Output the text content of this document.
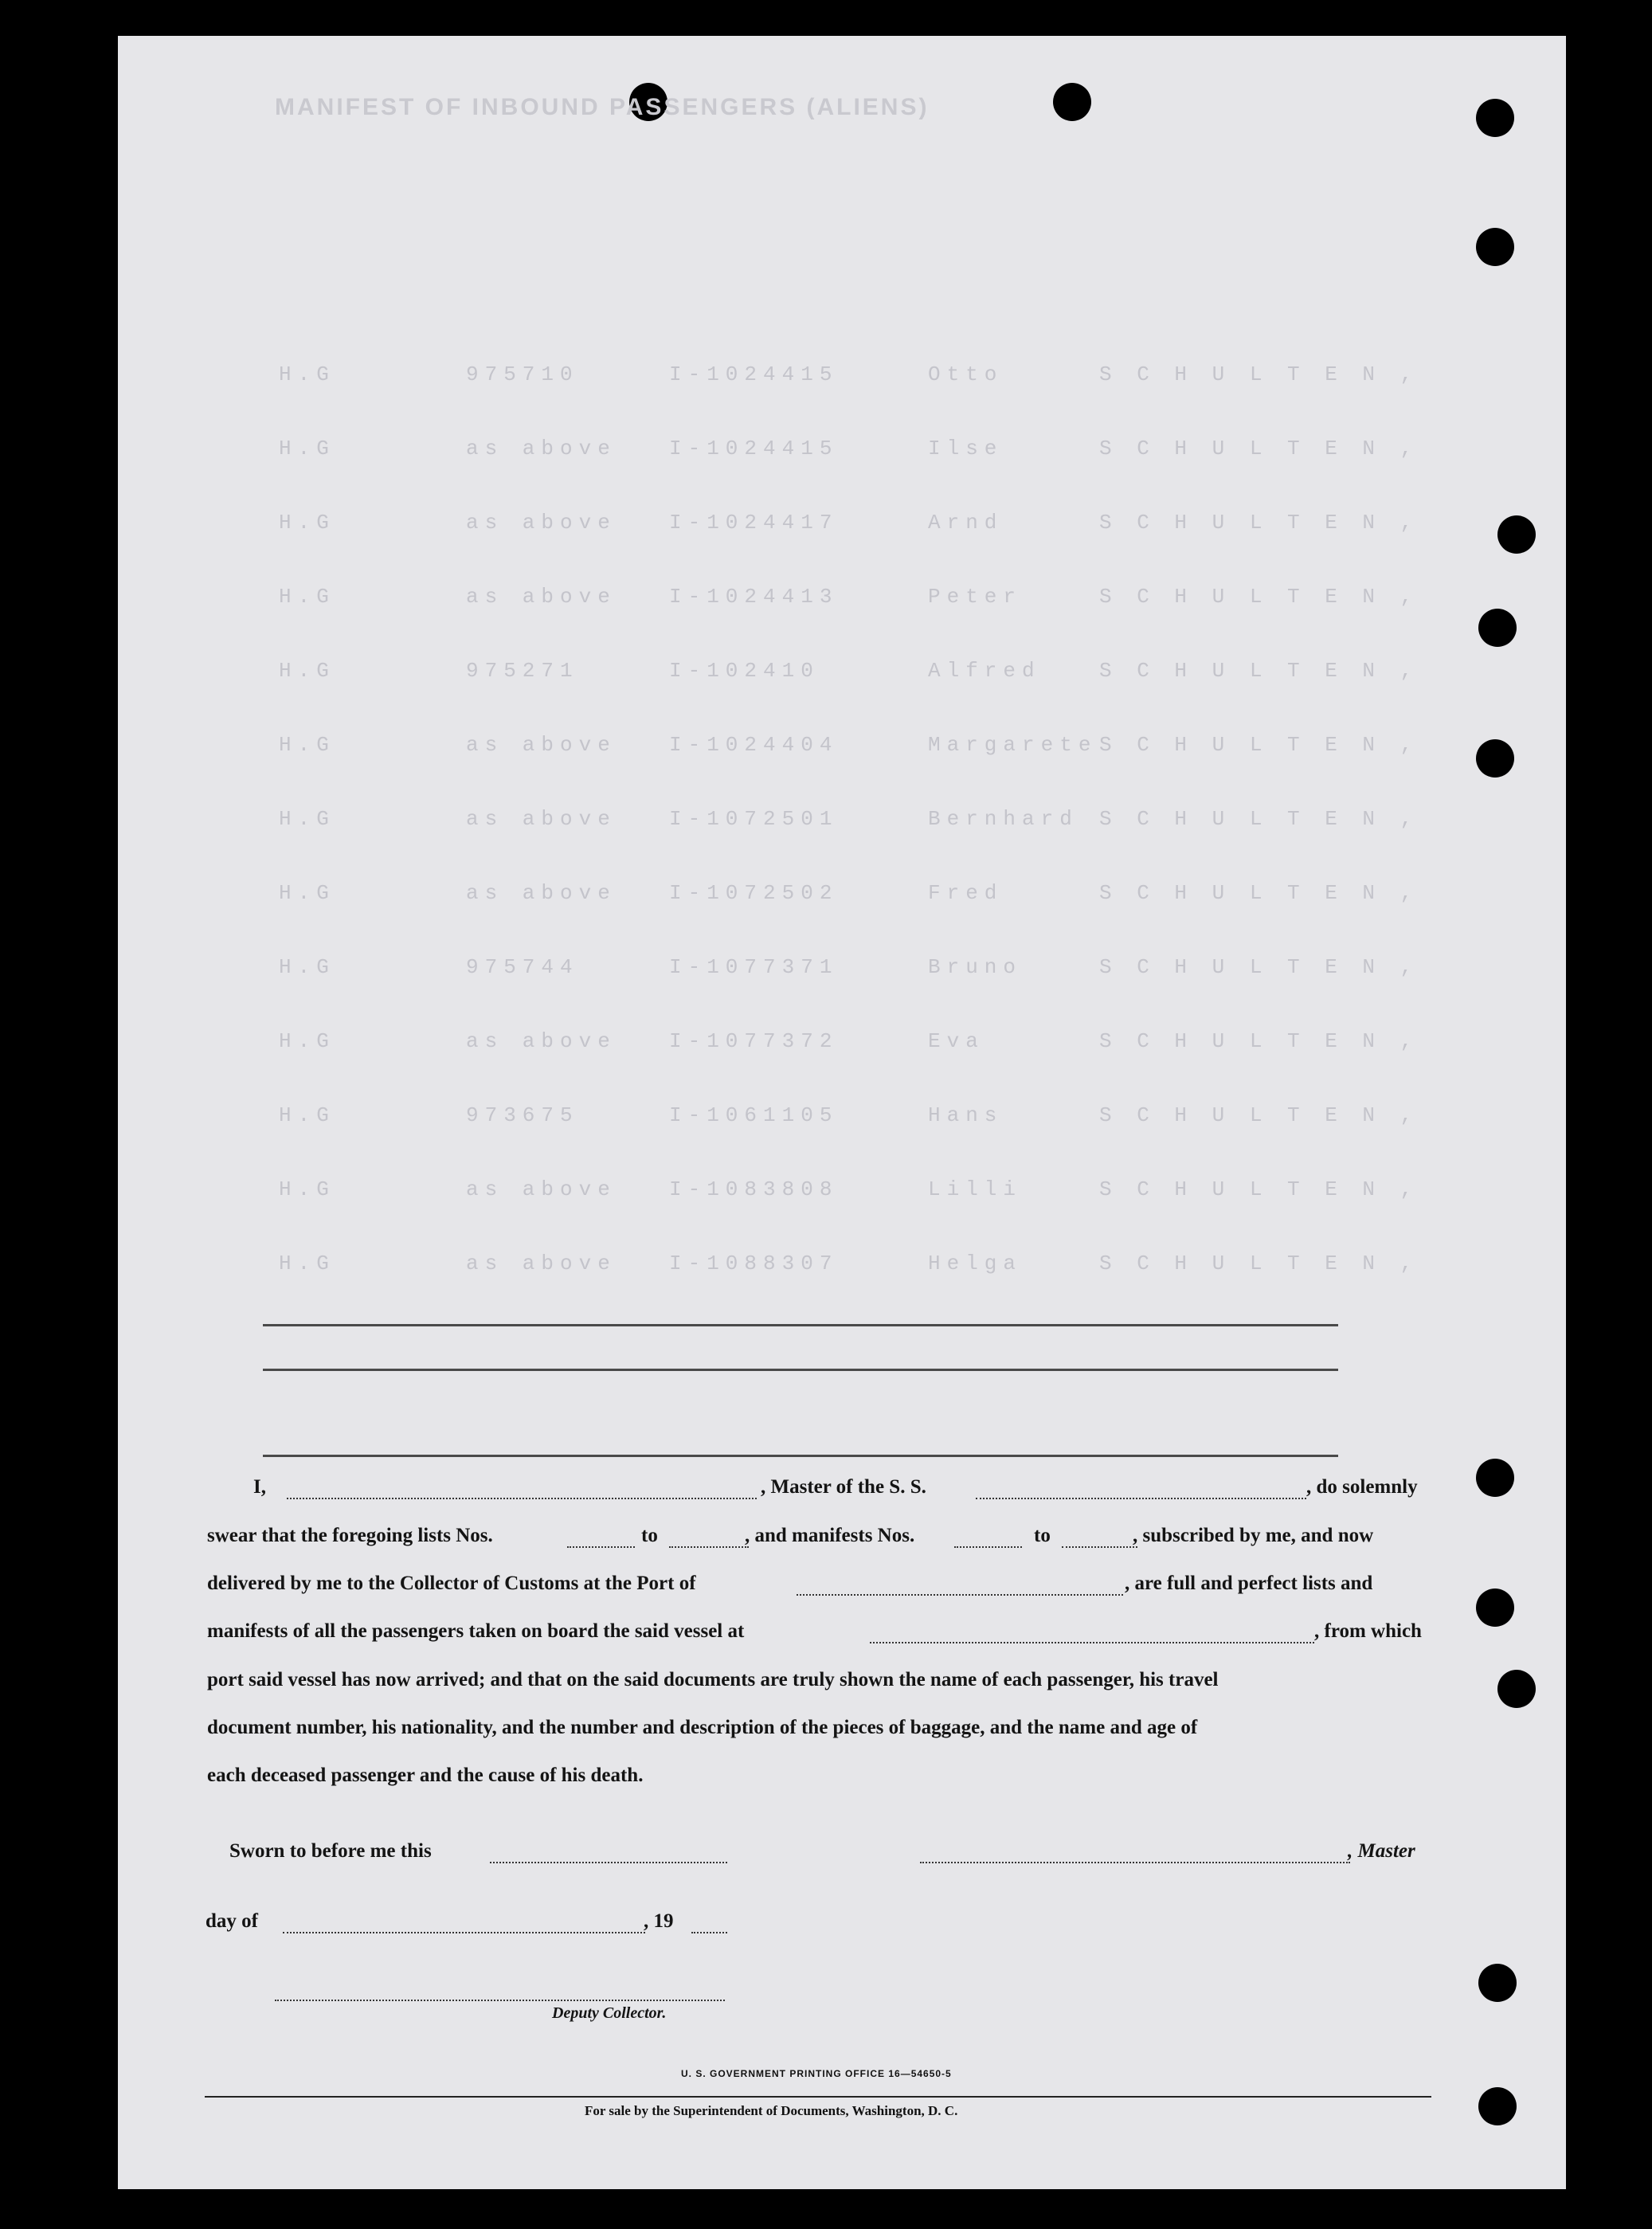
MANIFEST OF INBOUND PASSENGERS (ALIENS)
H.G	975710	I-1024415	Otto	S C H U L T E N ,
H.G	as above	I-1024415	Ilse	S C H U L T E N ,
H.G	as above	I-1024417	Arnd	S C H U L T E N ,
H.G	as above	I-1024413	Peter	S C H U L T E N ,
H.G	975271	I-102410	Alfred	S C H U L T E N ,
H.G	as above	I-1024404	Margarete S C H U L T E N ,
H.G	as above	I-1072501	Bernhard S C H U L T E N ,
H.G	as above	I-1072502	Fred	S C H U L T E N ,
H.G	975744	I-1077371	Bruno	S C H U L T E N ,
H.G	as above	I-1077372	Eva	S C H U L T E N ,
H.G	973675	I-1061105	Hans	S C H U L T E N ,
H.G	as above	I-1083808	Lilli	S C H U L T E N ,
H.G	as above	I-1088307	Helga	S C H U L T E N ,
I,	, Master of the S. S.	, do solemnly
swear that the foregoing lists Nos.	to	, and manifests Nos.	to	, subscribed by me, and now
delivered by me to the Collector of Customs at the Port of	, are full and perfect lists and
manifests of all the passengers taken on board the said vessel at	, from which
port said vessel has now arrived; and that on the said documents are truly shown the name of each passenger, his travel
document number, his nationality, and the number and description of the pieces of baggage, and the name and age of
each deceased passenger and the cause of his death.
Sworn to before me this	, Master
day of	, 19
Deputy Collector.
U. S. GOVERNMENT PRINTING OFFICE 16—54650-5
For sale by the Superintendent of Documents, Washington, D. C.
